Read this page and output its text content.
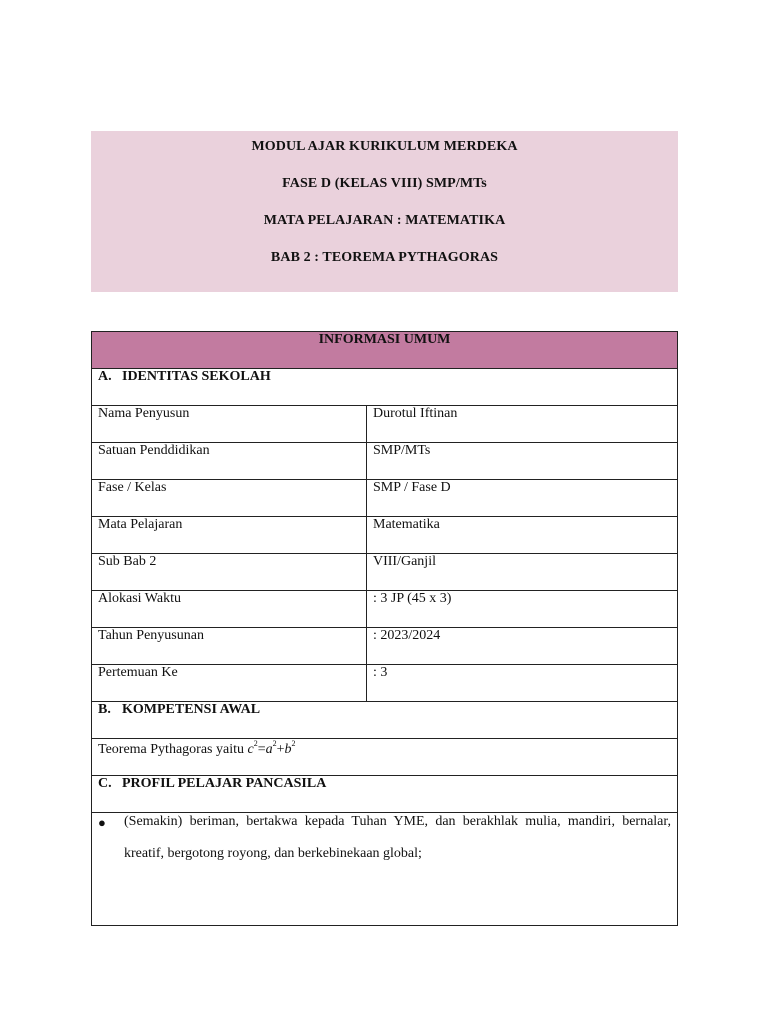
MODUL AJAR KURIKULUM MERDEKA
FASE D (KELAS VIII) SMP/MTs
MATA PELAJARAN : MATEMATIKA
BAB 2 : TEOREMA PYTHAGORAS
INFORMASI UMUM	
A. IDENTITAS SEKOLAH	
Nama Penyusun	Durotul Iftinan
Satuan Penddidikan	SMP/MTs
Fase / Kelas	SMP / Fase D
Mata Pelajaran	Matematika
Sub Bab 2	VIII/Ganjil
Alokasi Waktu	: 3 JP (45 x 3)
Tahun Penyusunan	: 2023/2024
Pertemuan Ke	: 3
B. KOMPETENSI AWAL	
Teorema Pythagoras yaitu $c^2=a^2+b^2$
C. PROFIL PELAJAR PANCASILA	

● (Semakin) beriman, bertakwa kepada Tuhan YME, dan berakhlak mulia, mandiri, bernalar, kreatif, bergotong royong, dan berkebinekaan global;	
